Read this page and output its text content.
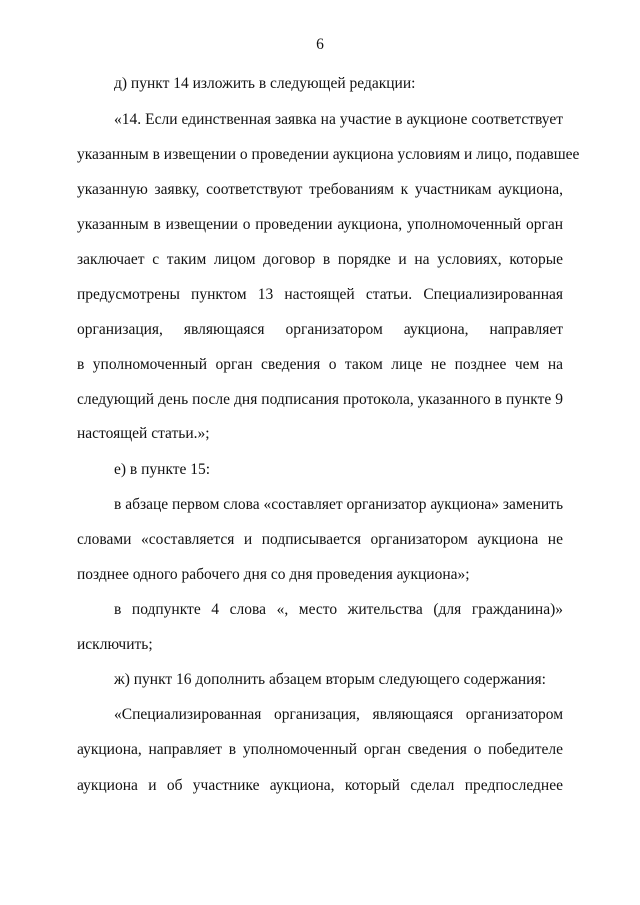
6
д) пункт 14 изложить в следующей редакции:
«14. Если единственная заявка на участие в аукционе соответствует
указанным в извещении о проведении аукциона условиям и лицо, подавшее
указанную заявку, соответствуют требованиям к участникам аукциона,
указанным в извещении о проведении аукциона, уполномоченный орган
заключает с таким лицом договор в порядке и на условиях, которые
предусмотрены пунктом 13 настоящей статьи. Специализированная
организация, являющаяся организатором аукциона, направляет
в уполномоченный орган сведения о таком лице не позднее чем на
следующий день после дня подписания протокола, указанного в пункте 9
настоящей статьи.»;
е) в пункте 15:
в абзаце первом слова «составляет организатор аукциона» заменить
словами «составляется и подписывается организатором аукциона не
позднее одного рабочего дня со дня проведения аукциона»;
в подпункте 4 слова «, место жительства (для гражданина)»
исключить;
ж) пункт 16 дополнить абзацем вторым следующего содержания:
«Специализированная организация, являющаяся организатором
аукциона, направляет в уполномоченный орган сведения о победителе
аукциона и об участнике аукциона, который сделал предпоследнее
